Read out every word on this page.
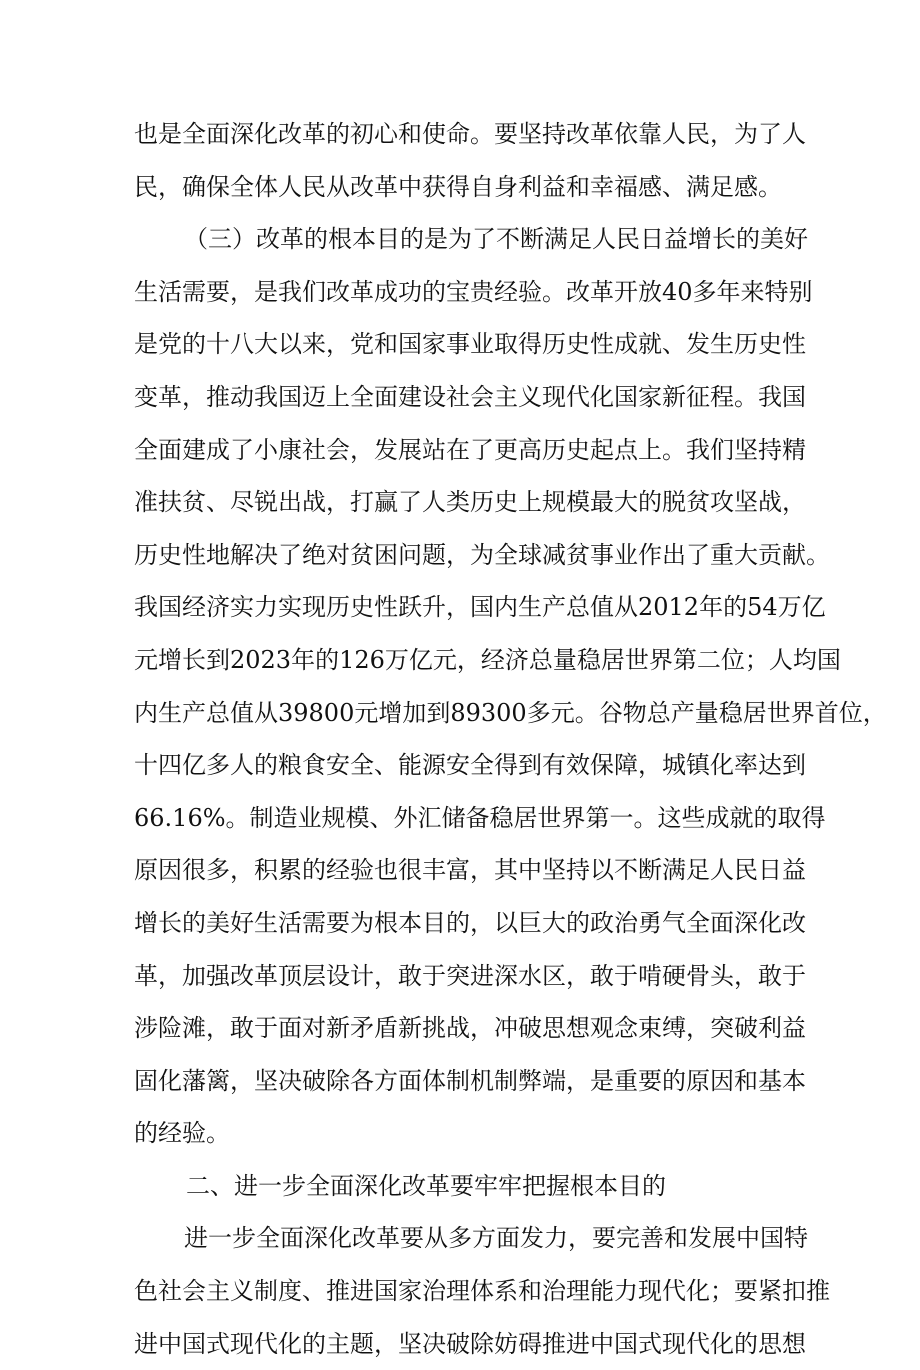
也是全面深化改革的初心和使命。要坚持改革依靠人民，为了人
民，确保全体人民从改革中获得自身利益和幸福感、满足感。
（三）改革的根本目的是为了不断满足人民日益增长的美好
生活需要，是我们改革成功的宝贵经验。改革开放40多年来特别
是党的十八大以来，党和国家事业取得历史性成就、发生历史性
变革，推动我国迈上全面建设社会主义现代化国家新征程。我国
全面建成了小康社会，发展站在了更高历史起点上。我们坚持精
准扶贫、尽锐出战，打赢了人类历史上规模最大的脱贫攻坚战，
历史性地解决了绝对贫困问题，为全球减贫事业作出了重大贡献。
我国经济实力实现历史性跃升，国内生产总值从2012年的54万亿
元增长到2023年的126万亿元，经济总量稳居世界第二位；人均国
内生产总值从39800元增加到89300多元。谷物总产量稳居世界首位，
十四亿多人的粮食安全、能源安全得到有效保障，城镇化率达到
66.16%。制造业规模、外汇储备稳居世界第一。这些成就的取得
原因很多，积累的经验也很丰富，其中坚持以不断满足人民日益
增长的美好生活需要为根本目的，以巨大的政治勇气全面深化改
革，加强改革顶层设计，敢于突进深水区，敢于啃硬骨头，敢于
涉险滩，敢于面对新矛盾新挑战，冲破思想观念束缚，突破利益
固化藩篱，坚决破除各方面体制机制弊端，是重要的原因和基本
的经验。
二、进一步全面深化改革要牢牢把握根本目的
进一步全面深化改革要从多方面发力，要完善和发展中国特
色社会主义制度、推进国家治理体系和治理能力现代化；要紧扣推
进中国式现代化的主题，坚决破除妨碍推进中国式现代化的思想
